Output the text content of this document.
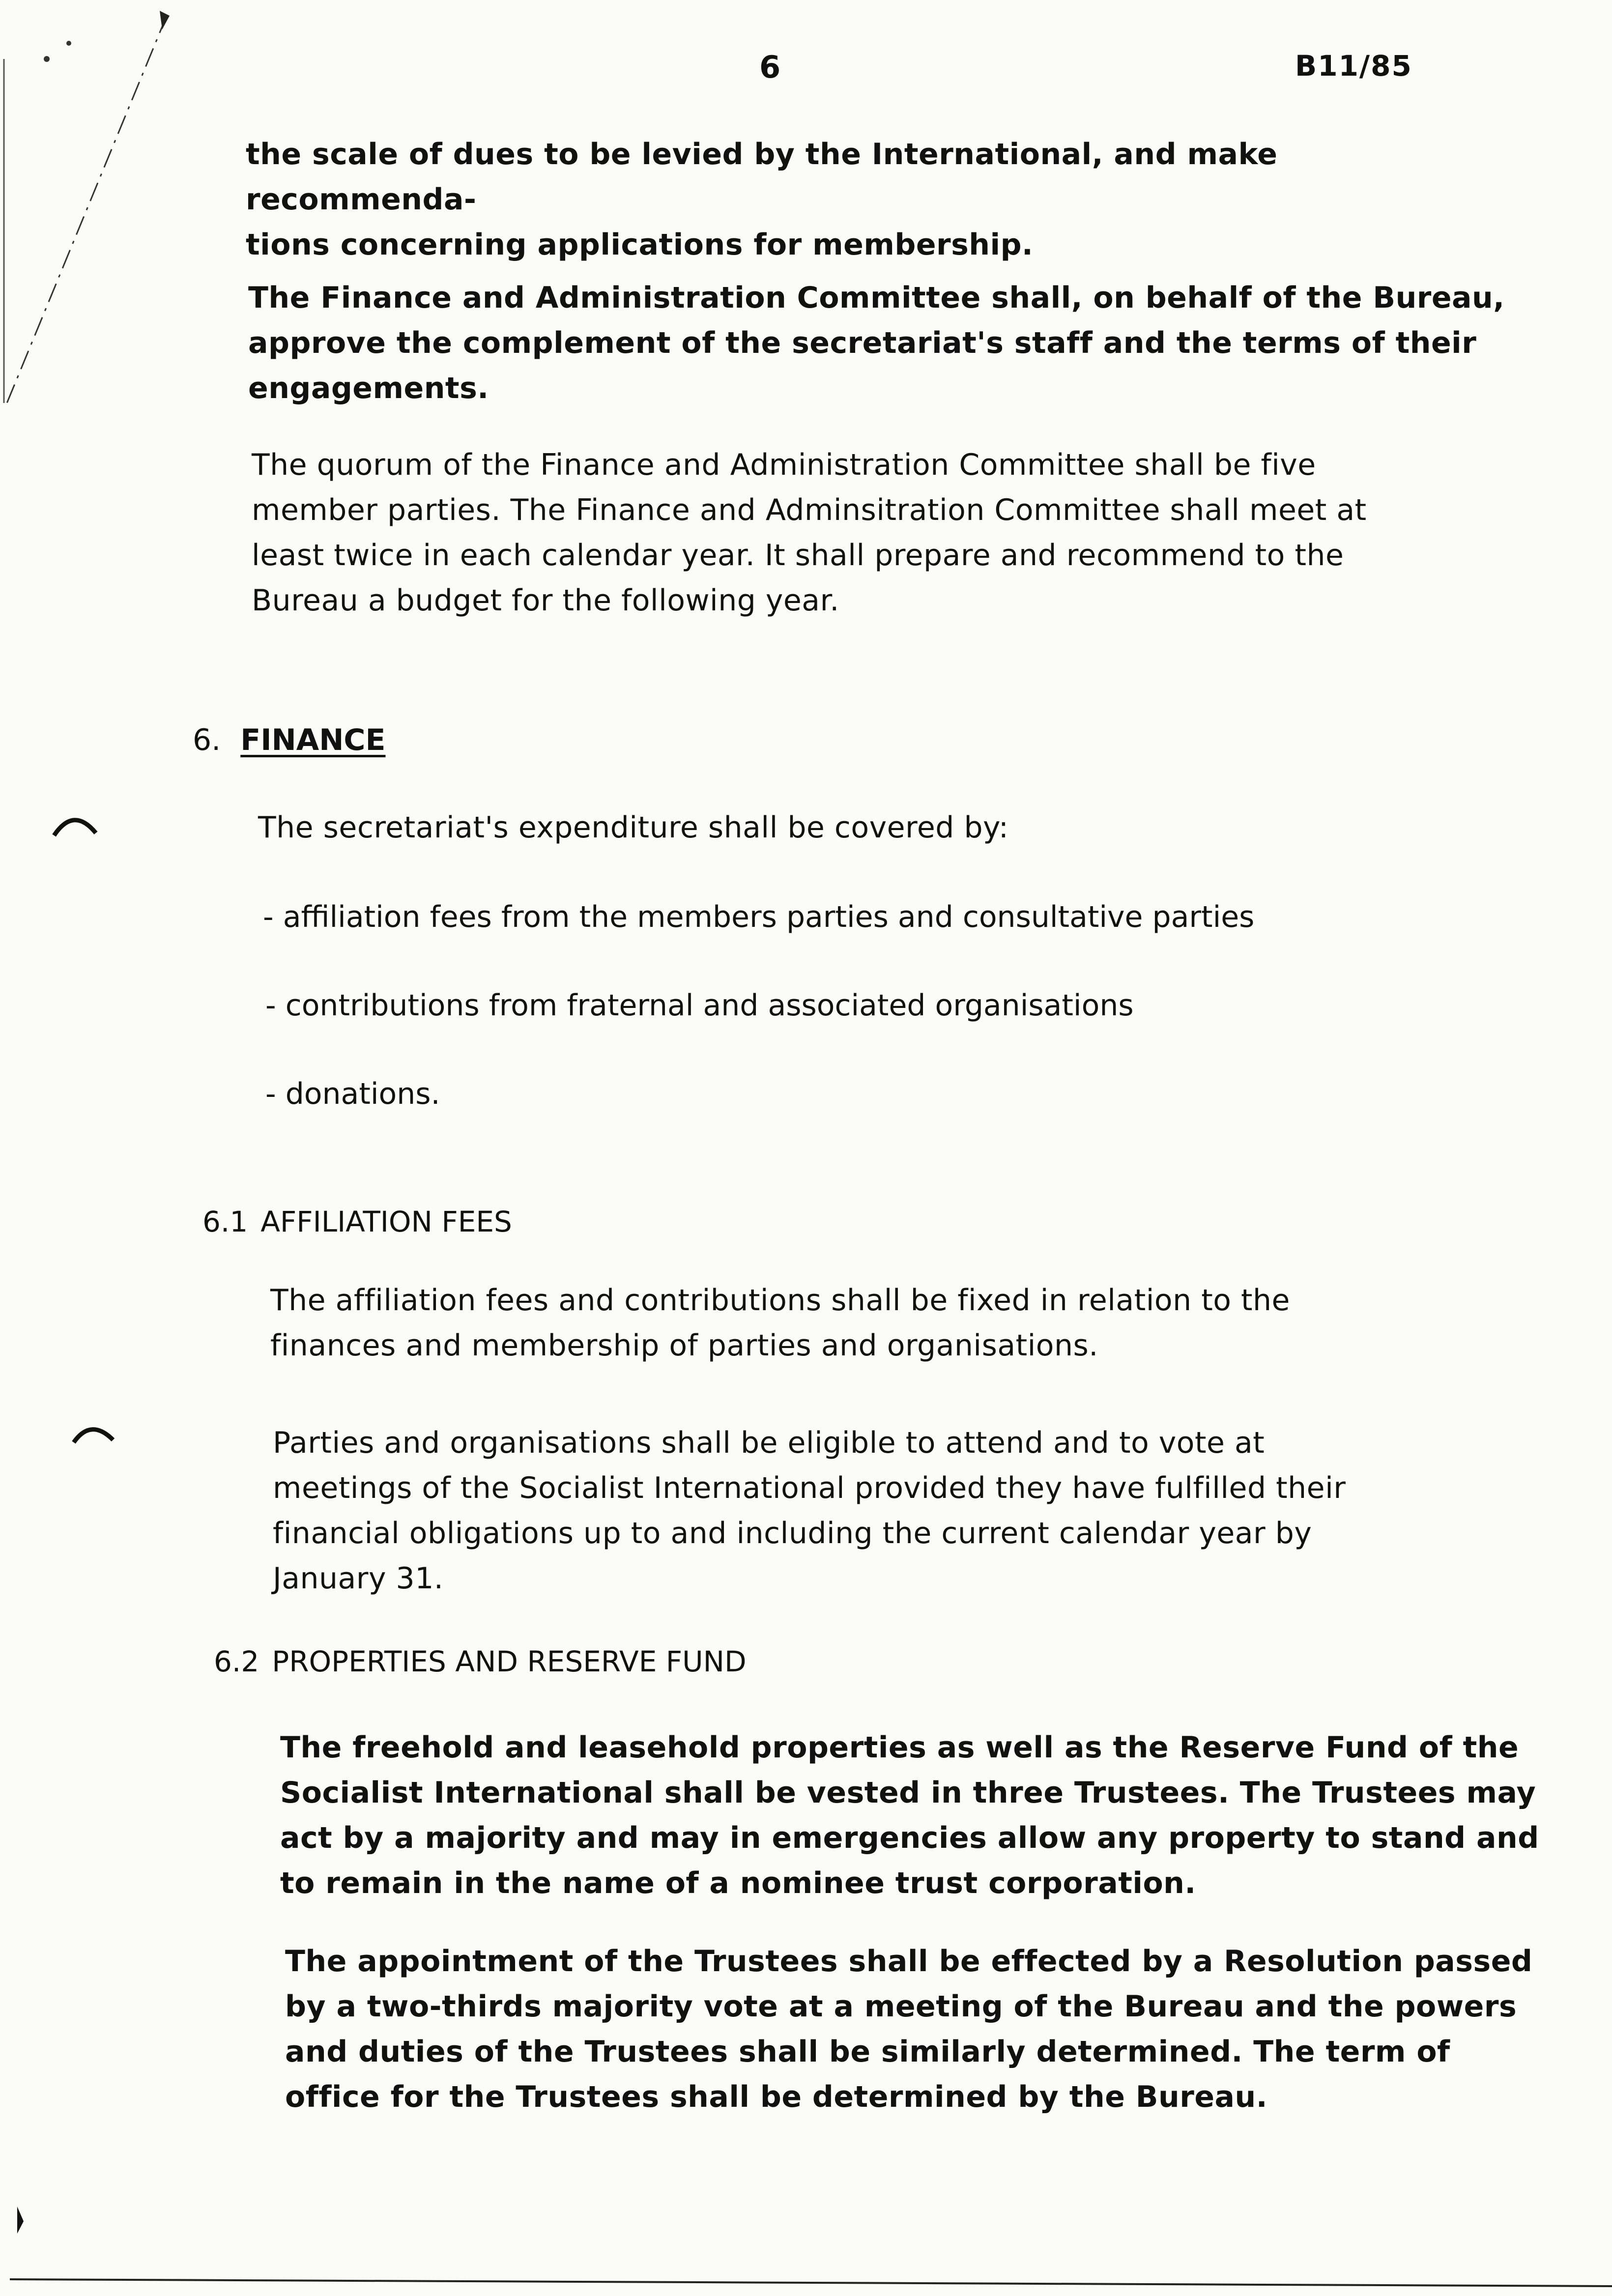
6	B11/85
the scale of dues to be levied by the International, and make recommenda-
tions concerning applications for membership.
The Finance and Administration Committee shall, on behalf of the Bureau,
approve the complement of the secretariat's staff and the terms of their
engagements.
The quorum of the Finance and Administration Committee shall be five
member parties. The Finance and Adminsitration Committee shall meet at
least twice in each calendar year. It shall prepare and recommend to the
Bureau a budget for the following year.
6. FINANCE
The secretariat's expenditure shall be covered by:
- affiliation fees from the members parties and consultative parties
- contributions from fraternal and associated organisations
- donations.
6.1 AFFILIATION FEES
The affiliation fees and contributions shall be fixed in relation to the
finances and membership of parties and organisations.
Parties and organisations shall be eligible to attend and to vote at
meetings of the Socialist International provided they have fulfilled their
financial obligations up to and including the current calendar year by
January 31.
6.2 PROPERTIES AND RESERVE FUND
The freehold and leasehold properties as well as the Reserve Fund of the
Socialist International shall be vested in three Trustees. The Trustees may
act by a majority and may in emergencies allow any property to stand and
to remain in the name of a nominee trust corporation.
The appointment of the Trustees shall be effected by a Resolution passed
by a two-thirds majority vote at a meeting of the Bureau and the powers
and duties of the Trustees shall be similarly determined. The term of
office for the Trustees shall be determined by the Bureau.
